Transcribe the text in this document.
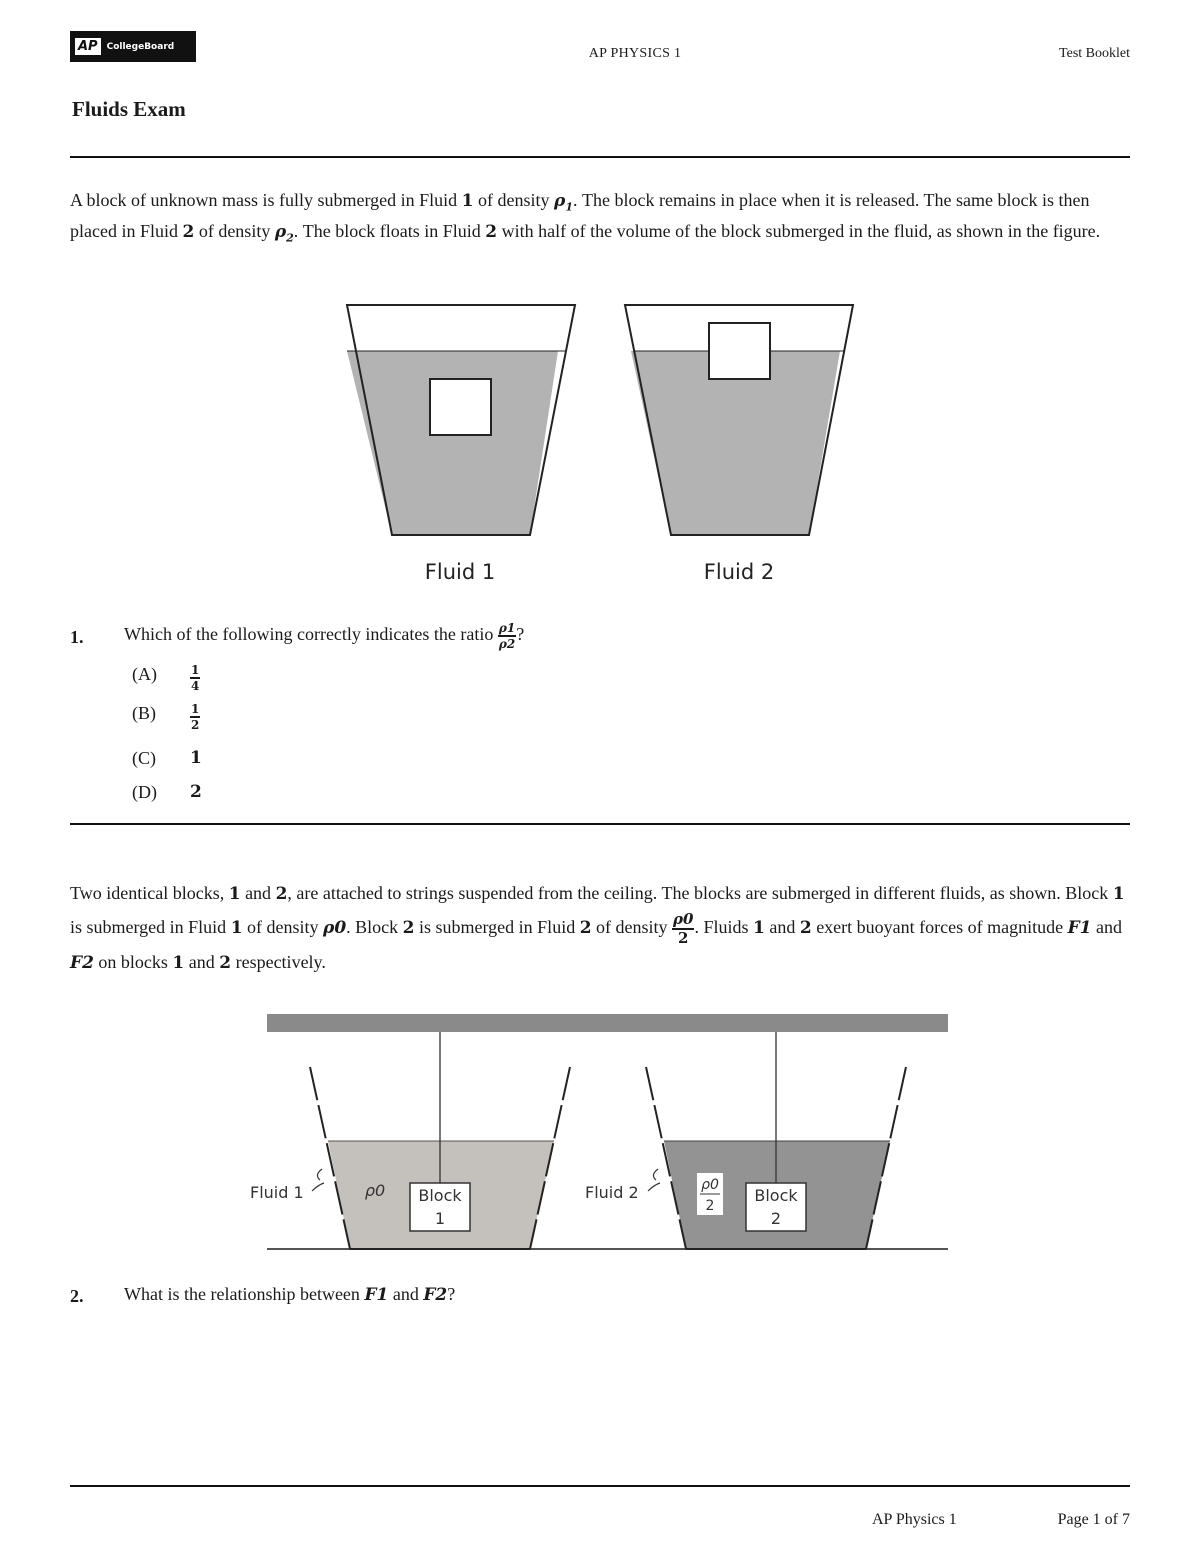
AP	CollegeBoard	AP PHYSICS 1	Test Booklet
Fluids Exam
A block of unknown mass is fully submerged in Fluid 1 of density $\rho_1$. The block remains in place when it is released. The same block is then placed in Fluid 2 of density $\rho_2$. The block floats in Fluid 2 with half of the volume of the block submerged in the fluid, as shown in the figure.
Fluid 1	Fluid 2
1. Which of the following correctly indicates the ratio $\frac{\rho 1}{\rho 2}$ ?
(A)	$\frac{1}{4}$
(B)	$\frac{1}{2}$
(C) 1
(D) 2
Two identical blocks, 1 and 2, are attached to strings suspended from the ceiling. The blocks are submerged in different fluids, as shown. Block 1 is submerged in Fluid 1 of density ρ0. Block 2 is submerged in Fluid 2 of density $\frac{\rho 0}{2}$ . Fluids 1 and 2 exert buoyant forces of magnitude F1 and F2 on blocks 1 and 2 respectively.
Block
1
ρ0
Fluid 1	Block
2
ρ0
2
Fluid 2
2. What is the relationship between F1 and F2?
AP Physics 1	Page 1 of 7
